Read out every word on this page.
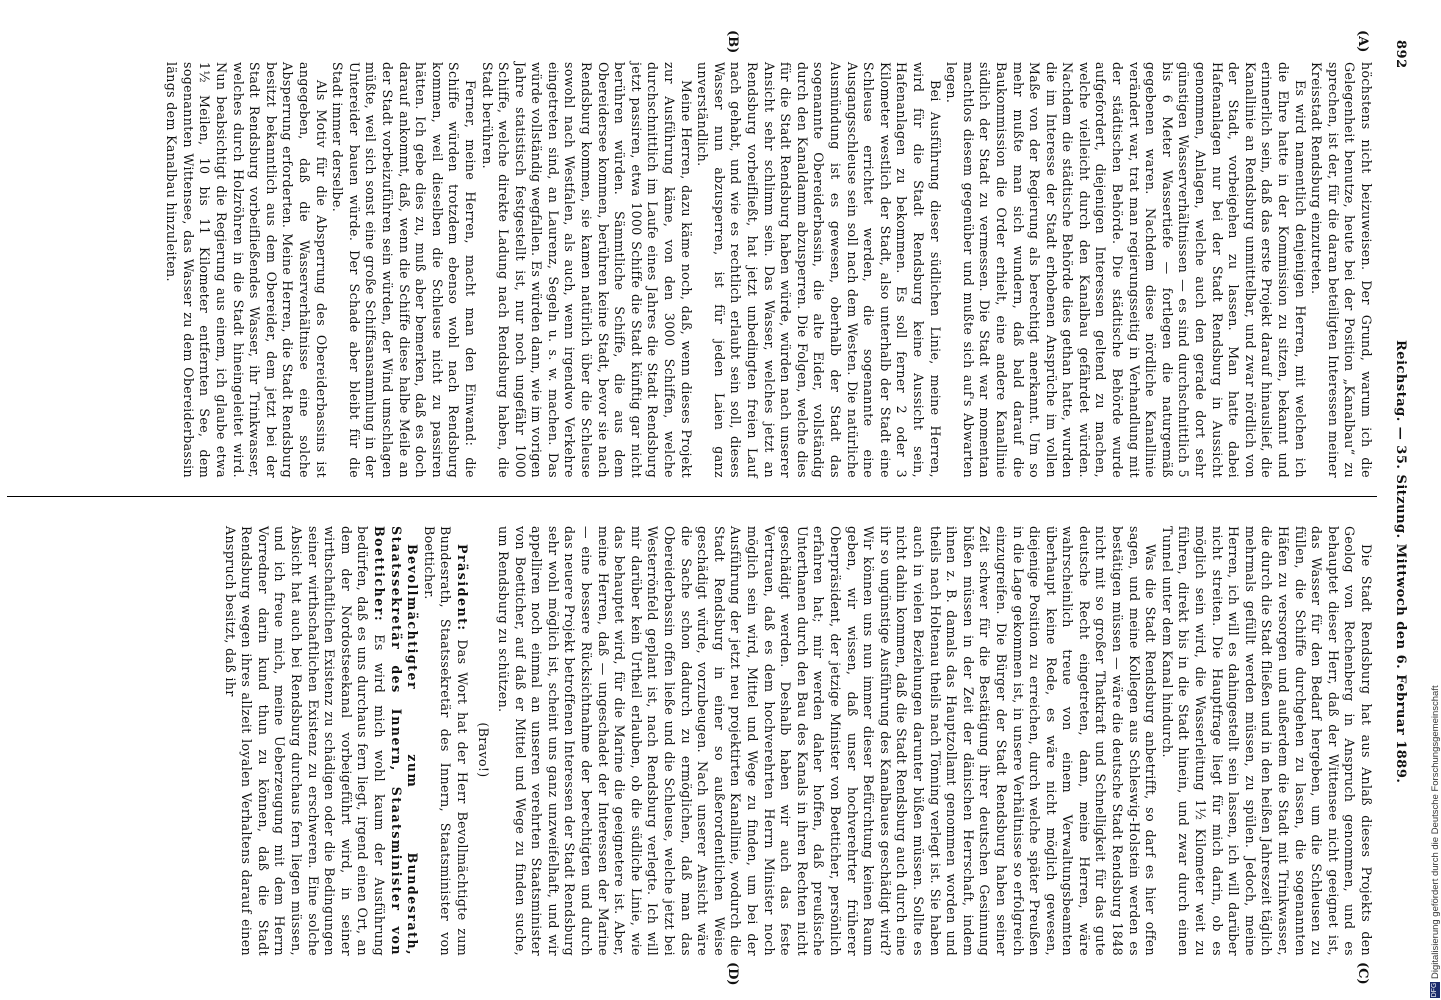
892
Reichstag. — 35. Sitzung. Mittwoch den 6. Februar 1889.
(A)
(B)
(C)
(D)

höchstens nicht beizuweisen. Der Grund, warum ich die Gelegenheit benutze, heute bei der Position „Kanalbau“ zu sprechen, ist der, für die daran beteiligten Interessen meiner Kreisstadt Rendsburg einzutreten.

Es wird namentlich denjenigen Herren, mit welchen ich die Ehre hatte in der Kommission zu sitzen, bekannt und erinnerlich sein, daß das erste Projekt darauf hinauslief, die Kanallinie an Rendsburg unmittelbar, und zwar nördlich von der Stadt, vorbeigehen zu lassen. Man hatte dabei Hafenanlagen nur bei der Stadt Rendsburg in Aussicht genommen, Anlagen, welche auch den gerade dort sehr günstigen Wasserverhältnissen — es sind durchschnittlich 5 bis 6 Meter Wassertiefe — fortlegen die naturgemäß gegebenen waren. Nachdem diese nördliche Kanallinie verändert war, trat man regierungsseitig in Verhandlung mit der städtischen Behörde. Die städtische Behörde wurde aufgefordert, diejenigen Interessen geltend zu machen, welche vielleicht durch den Kanalbau gefährdet würden. Nachdem die städtische Behörde dies gethan hatte, wurden die im Interesse der Stadt erhobenen Ansprüche im vollen Maße von der Regierung als berechtigt anerkannt. Um so mehr mußte man sich wundern, daß bald darauf die Baukommission die Order erhielt, eine andere Kanallinie südlich der Stadt zu vermessen. Die Stadt war momentan machtlos diesem gegenüber und mußte sich auf's Abwarten legen.

Bei Ausführung dieser südlichen Linie, meine Herren, wird für die Stadt Rendsburg keine Aussicht sein, Hafenanlagen zu bekommen. Es soll ferner 2 oder 3 Kilometer westlich der Stadt, also unterhalb der Stadt eine Schleuse errichtet werden, die sogenannte eine Ausgangsschleuse sein soll nach dem Westen. Die natürliche Ausmündung ist es gewesen, oberhalb der Stadt das sogenannte Obereiderbassin, die alte Eider, vollständig durch den Kanaldamm abzusperren. Die Folgen, welche dies für die Stadt Rendsburg haben würde, würden nach unserer Ansicht sehr schlimm sein. Das Wasser, welches jetzt an Rendsburg vorbeifließt, hat jetzt unbedingten freien Lauf nach gehabt, und wie es rechtlich erlaubt sein soll, dieses Wasser nun abzusperren, ist für jeden Laien ganz unverständlich.

Meine Herren, dazu käme noch, daß, wenn dieses Projekt zur Ausführung käme, von den 3000 Schiffen, welche durchschnittlich im Laufe eines Jahres die Stadt Rendsburg jetzt passiren, etwa 1000 Schiffe die Stadt künftig gar nicht berühren würden. Sämmtliche Schiffe, die aus dem Obereidersee kommen, berühren keine Stadt, bevor sie nach Rendsburg kommen, sie kamen natürlich über die Schleuse sowohl nach Westfalen, als auch, wenn irgendwo Verkehre eingetreten sind, an Laurenz, Segeln u. s. w. machen. Das würde vollständig wegfallen. Es würden dann, wie im vorigen Jahre statistisch festgestellt ist, nur noch ungefähr 1000 Schiffe, welche direkte Ladung nach Rendsburg haben, die Stadt berühren.

Ferner, meine Herren, macht man den Einwand: die Schiffe würden trotzdem ebenso wohl nach Rendsburg kommen, weil dieselben die Schleuse nicht zu passiren hätten. Ich gebe dies zu, muß aber bemerken, daß es doch darauf ankommt, daß, wenn die Schiffe diese halbe Meile an der Stadt vorbeizuführen sein würden, der Wind umschlagen müßte, weil sich sonst eine große Schiffsansammlung in der Untereider bauen würde. Der Schade aber bleibt für die Stadt immer derselbe.

Als Motiv für die Absperrung des Obereiderbassins ist angegeben, daß die Wasserverhältnisse eine solche Absperrung erforderten. Meine Herren, die Stadt Rendsburg besitzt bekanntlich aus dem Obereider, dem jetzt bei der Stadt Rendsburg vorbeifließendes Wasser, ihr Trinkwasser, welches durch Holzröhren in die Stadt hineingeleitet wird. Nun beabsichtigt die Regierung aus einem, ich glaube etwa 1½ Meilen, 10 bis 11 Kilometer entfernten See, dem sogenannten Wittensee, das Wasser zu dem Obereiderbassin längs dem Kanalbau hinzuleiten.

Die Stadt Rendsburg hat aus Anlaß dieses Projekts den Geolog von Rechenberg in Anspruch genommen, und es behauptet dieser Herr, daß der Wittensee nicht geeignet ist, das Wasser für den Bedarf hergeben, um die Schleusen zu füllen, die Schiffe durchgehen zu lassen, die sogenannten Häfen zu versorgen und außerdem die Stadt mit Trinkwasser, die durch die Stadt fließen und in den heißen Jahreszeit täglich mehrmals gefüllt werden müssen, zu spülen. Jedoch, meine Herren, ich will es dahingestellt sein lassen, ich will darüber nicht streiten. Die Hauptfrage liegt für mich darin, ob es möglich sein wird, die Wasserleitung 1½ Kilometer weit zu führen, direkt bis in die Stadt hinein, und zwar durch einen Tunnel unter dem Kanal hindurch.

Was die Stadt Rendsburg anbetrifft, so darf es hier offen sagen, und meine Kollegen aus Schleswig-Holstein werden es bestätigen müssen — wäre die deutsche Stadt Rendsburg 1848 nicht mit so großer Thatkraft und Schnelligkeit für das gute deutsche Recht eingetreten, dann, meine Herren, wäre wahrscheinlich treue von einem Verwaltungsbeamten überhaupt keine Rede, es wäre nicht möglich gewesen, diejenige Position zu erreichen, durch welche später Preußen in die Lage gekommen ist, in unsere Verhältnisse so erfolgreich einzugreifen. Die Bürger der Stadt Rendsburg haben seiner Zeit schwer für die Bestätigung ihrer deutschen Gesinnung büßen müssen in der Zeit der dänischen Herrschaft, indem ihnen z. B. damals das Hauptzollamt genommen worden und theils nach Holtenau theils nach Tönning verlegt ist. Sie haben auch in vielen Beziehungen darunter büßen müssen. Sollte es nicht dahin kommen, daß die Stadt Rendsburg auch durch eine ihr so ungünstige Ausführung des Kanalbaues geschädigt wird? Wir können uns nun immer dieser Befürchtung keinen Raum geben, wir wissen, daß unser hochverehrter früherer Oberpräsident, der jetzige Minister von Boetticher, persönlich erfahren hat; mir werden daher hoffen, daß preußische Unterthanen durch den Bau des Kanals in ihren Rechten nicht geschädigt werden. Deshalb haben wir auch das feste Vertrauen, daß es dem hochverehrten Herrn Minister noch möglich sein wird, Mittel und Wege zu finden, um bei der Ausführung der jetzt neu projektirten Kanallinie, wodurch die Stadt Rendsburg in einer so außerordentlichen Weise geschädigt würde, vorzubeugen. Nach unserer Ansicht wäre die Sache schon dadurch zu ermöglichen, daß man das Obereiderbassin offen ließe und die Schleuse, welche jetzt bei Westerrönfeld geplant ist, nach Rendsburg verlegte. Ich will mir darüber kein Urtheil erlauben, ob die südliche Linie, wie das behauptet wird, für die Marine die geeignetere ist. Aber, meine Herren, daß — ungeschadet der Interessen der Marine — eine bessere Rücksichtnahme der berechtigten und durch das neuere Projekt betroffenen Interessen der Stadt Rendsburg sehr wohl möglich ist, scheint uns ganz unzweifelhaft, und wir appelliren noch einmal an unseren verehrten Staatsminister von Boetticher, auf daß er Mittel und Wege zu finden suche, um Rendsburg zu schützen.

(Bravo!)

Präsident: Das Wort hat der Herr Bevollmächtigte zum Bundesrath, Staatssekretär des Innern, Staatsminister von Boetticher.

Bevollmächtigter zum Bundesrath, Staatssekretär des Innern, Staatsminister von Boetticher: Es wird mich wohl kaum der Ausführung bedürfen, daß es uns durchaus fern liegt, irgend einen Ort, an dem der Nordostseekanal vorbeigeführt wird, in seiner wirthschaftlichen Existenz zu schädigen oder die Bedingungen seiner wirthschaftlichen Existenz zu erschweren. Eine solche Absicht hat auch bei Rendsburg durchaus fern liegen müssen, und ich freue mich, meine Ueberzeugung mit dem Herrn Vorredner darin kund thun zu können, daß die Stadt Rendsburg wegen ihres allzeit loyalen Verhaltens darauf einen Anspruch besitzt, daß ihr

DFGDigitalisierung gefördert durch die Deutsche Forschungsgemeinschaft
